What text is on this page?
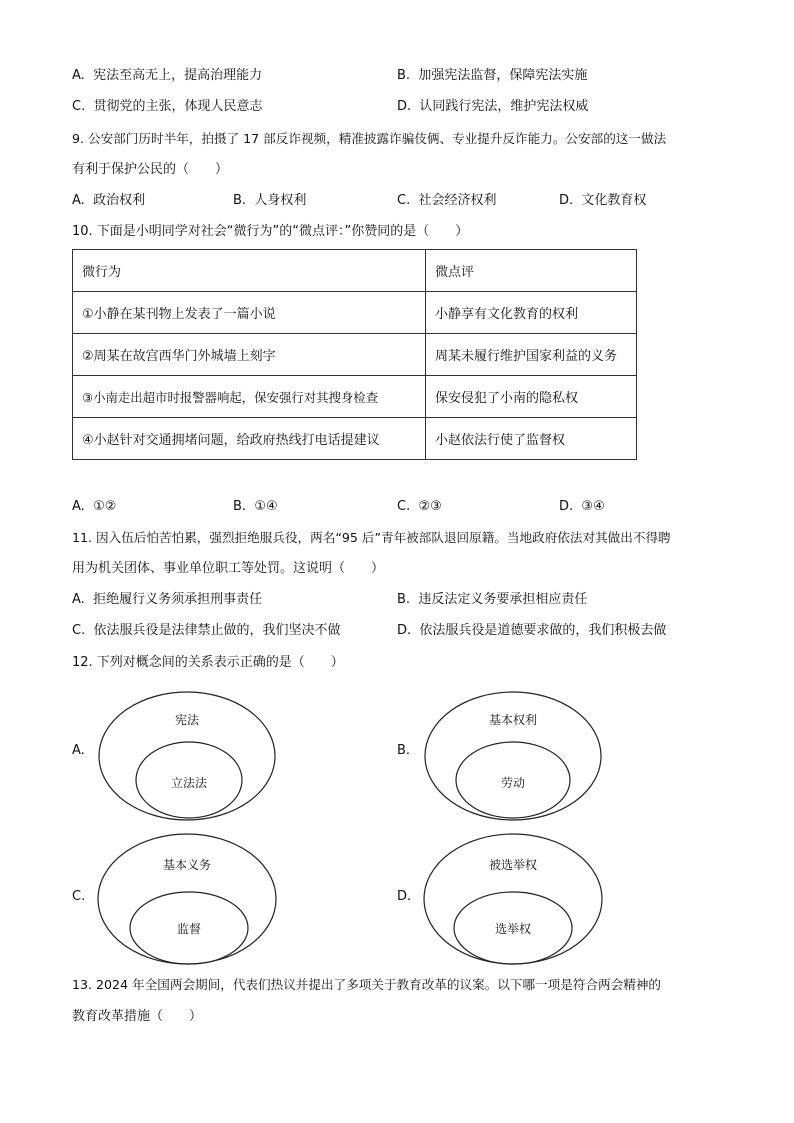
A. 宪法至高无上，提高治理能力	B. 加强宪法监督，保障宪法实施
C. 贯彻党的主张，体现人民意志	D. 认同践行宪法，维护宪法权威
9. 公安部门历时半年，拍摄了 17 部反诈视频，精准披露诈骗伎俩、专业提升反诈能力。公安部的这一做法
有利于保护公民的（　　）
A. 政治权利	B. 人身权利	C. 社会经济权利	D. 文化教育权
10. 下面是小明同学对社会“微行为”的“微点评：”你赞同的是（　　）
微行为	微点评
①小静在某刊物上发表了一篇小说	小静享有文化教育的权利
②周某在故宫西华门外城墙上刻字	周某未履行维护国家利益的义务
③小南走出超市时报警器响起，保安强行对其搜身检查	保安侵犯了小南的隐私权
④小赵针对交通拥堵问题，给政府热线打电话提建议	小赵依法行使了监督权
A. ①②	B. ①④	C. ②③	D. ③④
11. 因入伍后怕苦怕累，强烈拒绝服兵役，两名“95 后”青年被部队退回原籍。当地政府依法对其做出不得聘
用为机关团体、事业单位职工等处罚。这说明（　　）
A. 拒绝履行义务须承担刑事责任	B. 违反法定义务要承担相应责任
C. 依法服兵役是法律禁止做的，我们坚决不做	D. 依法服兵役是道德要求做的，我们积极去做
12. 下列对概念间的关系表示正确的是（　　）
A.
宪法
立法法
B.
基本权利
劳动
C.
基本义务
监督
D.
被选举权
选举权
13. 2024 年全国两会期间，代表们热议并提出了多项关于教育改革的议案。以下哪一项是符合两会精神的
教育改革措施（　　）
